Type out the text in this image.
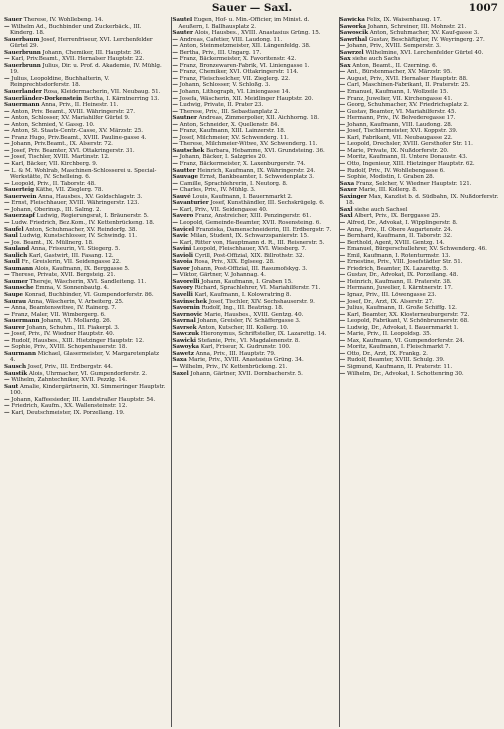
Sauer — Saxl.	1007

Sauer Therese, IV. Wohllebeng. 14.

— Wilhelm Ad., Buchbinder und Zuckerbäck., III. Kinderg. 18.

Sauerbaum Josef, Herrenfriseur, XVI. Lerchenfelder Gürtel 29.

Sauerbrunn Johann, Chemiker, III. Hauptstr. 36.

— Karl, Priv.Beamt., XVII. Hernalser Hauptstr. 22.

Sauerbrunn Julius, Dir. u. Prof. d. Akademie, IV. Mühlg. 19.

— Julius, Leopoldine, Buchhalterin, V. Reinprechtsdorferstr. 18.

Sauerlander Rosa, Kleidermacherin, VII. Neubaug. 51.

Sauerländer-Dorkenstein Bertha, I. Kärntnerring 13.

Sauermann Anna, Priv., II. Heinestr. 11.

— Anton, Priv. Beamt., XVIII. Währingerstr. 27.

— Anton, Schlosser, XV. Mariahilfer Gürtel 9.

— Anton, Schmied, V. Gassg. 10.

— Anton, St. Staats-Centr.-Casse, XV. Märzstr. 25.

— Franz Hugo, Priv.Beamt., XVIII. Pauline-gasse 4.

— Johann, Priv.Beamt., IX. Alserstr. 72.

— Josef, Priv. Beamter, XVI. Ottakringerstr. 31.

— Josef, Tischler, XVIII. Martinstr. 12.

— Karl, Bäcker, VII. Kirchberg. 9.

— L. & M. Wohlrab, Maschinen-Schlosserei u. Special-Werkstätte, IV. Schelleing. 6.

— Leopold, Priv., II. Taborstr. 48.

Sauerteig Käthe, VII. Zieglerg. 78.

Sauerwein Anna, Hausbes., XV. Goldschlagstr. 3.

— Ernst, Fleischhauer, XVIII. Währingerstr. 123.

— Johann, Oberinsp., III. Salmg. 2.

Sauerzapf Ludwig, Regierungsrat, I. Bräunerstr. 5.

— Ludw. Friedrich, Bez.Kom., IV. Kettenbrückeng. 18.

Saufel Anton, Schuhmacher, XV. Reindorfg. 38.

Saul Ludwig, Kunstschlosser, IV. Schwindg. 11.

— Jos. Beamt., IX. Müllnerg. 18.

Sauland Anna, Friseurin, VI. Stiegerg. 5.

Saulich Karl, Gastwirt, III. Fasang. 12.

Saull Fr., Greislerin, VII. Seidengasse 22.

Saumann Alois, Kaufmann, IX. Berggasse 5.

— Therese, Private, XVII. Bergsteig. 21.

Saumer Thereje, Wäscherin, XVI. Sandleiteng. 11.

Saunsche Emma, V. Sonnenbautg. 4.

Saupe Konrad, Buchbinder, VI. Gumpendorferstr. 86.

Saurau Anna, Wäscherin, V. Arbeiterg. 25.

— Anna, Beamtenswitwe, IV. Rainerg. 7.

— Franz, Maler, VII. Wimbergerg. 6.

Sauermann Johann, VI. Mollardg. 26.

Saurer Johann, Schuhm., III. Fiakerpl. 3.

— Josef, Priv., IV. Wiedner Hauptstr. 40.

— Rudolf, Hausbes., XIII. Hietzinger Hauptstr. 12.

— Sophie, Priv., XVIII. Schopenhauerstr. 18.

Saurmann Michael, Glasermeister, V. Margaretenplatz 4.

Sausch Josef, Priv., III. Erdbergstr. 44.

Saustik Alois, Uhrmacher, VI. Gumpendorferstr. 2.

— Wilhelm, Zahntechniker, XVII. Pezzlg. 14.

Saut Amalie, Kindergärtnerin, XI. Simmeringer Hauptstr. 100.

— Johann, Kaffeesieder, III. Landstraßer Hauptstr. 54.

— Friedrich, Kaufm., XX. Wallensteinstr. 12.

— Karl, Deutschmeister, IX. Porzellang. 19.

Sautel Eugen, Hof- u. Min.-Officier, im Minist. d. Aeußern, I. Ballhausplatz 2.

Sauter Alois, Hausbes., XVIII. Anastasius Grüng. 15.

— Andreas, Cafetier, VIII. Laudong. 11.

— Anton, Steinmetzmeister, XII. Längenfeldg. 38.

— Bertha, Priv., III. Ungarg. 17.

— Franz, Bäckermeister, X. Favoritenstr. 42.

— Franz, Bronzewaren-Fabrik, VI. Liniengasse 1.

— Franz, Chemiker, XVI. Ottakringerstr. 114.

— Franz, Fleischselcher, VII. Zieglerg. 22.

— Johann, Schlosser, V. Schloßg. 3.

— Johann, Lithograph, VI. Liniengasse 14.

— Josefa, Wäscherin, XII. Meidlinger Hauptstr. 20.

— Ludwig, Private, II. Prater 23.

— Therese, Priv., III. Sebastianplatz 2.

Sautner Andreas, Zimmerpolier, XII. Aichhorng. 18.

— Anton, Schneider, X. Quellenstr. 84.

— Franz, Kaufmann, XIII. Lainzerstr. 18.

— Josef, Milchmeier, XV. Schwenderg. 11.

— Therese, Milchmeier-Witwe, XV. Schwenderg. 11.

Sautschek Barbara, Hebamme, XVI. Grundsteing. 36.

— Johann, Bäcker, I. Salzgries 20.

— Franz, Bäckermeister, X. Laxenburgerstr. 74.

Sautter Heinrich, Kaufmann, IX. Währingerstr. 24.

Sauvage Ernst, Bankbeamter, I. Schwedenplatz 3.

— Camille, Sprachlehrerin, I. Neutorg. 8.

— Charles, Priv., IV. Mühlg. 3.

Sauvé Louis, Kaufmann, I. Bauernmarkt 2.

Savanturier Josef, Kunsthändler, III. Sechskrügelg. 6.

— Karl, Priv., VII. Seidengasse 40.

Savero Franz, Anstreicher, XIII. Penzingerstr. 61.

— Leopold, Gemeinde-Beamter, XVII. Rosensteing. 6.

Savicel Franziska, Damenschneiderin, III. Erdbergstr. 7.

Savic Milan, Student, IX. Schwarzspanierstr. 15.

— Karl, Ritter von, Hauptmann d. R., III. Reisnerstr. 5.

Savini Leopold, Fleischhauer, XVI. Wiesberg. 7.

Savioli Cyrill, Post-Offizial, XIX. Billrothstr. 32.

Savoia Rosa, Priv., XIX. Eglseeg. 28.

Savor Johann, Post-Offizial, III. Rasumofskyg. 3.

— Viktor, Gärtner, V. Johannag. 4.

Savorelli Johann, Kaufmann, I. Graben 15.

Savory Richard, Sprachlehrer, VI. Mariahilferstr. 71.

Savelli Karl, Kaufmann, I. Kolowratring 8.

Savinschek Josef, Tischler, XIV. Sechshauserstr. 9.

Savornin Rudolf, Ing., III. Beatrixg. 18.

Savrnovic Marie, Hausbes., XVIII. Gentzg. 40.

Savrnal Johann, Greisler, IV. Schäffergasse 3.

Savrsek Anton, Kutscher, III. Kollerg. 10.

Sawczuk Hieronymus, Schriftsteller, IX. Lazarettg. 14.

Sawicki Stefanie, Priv., VI. Magdalenenstr. 8.

Sawoyka Karl, Friseur, X. Gudrunstr. 100.

Sawetz Anna, Priv., III. Hauptstr. 79.

Saxa Marie, Priv., XVIII. Anastasius Grüng. 34.

— Wilhelm, Priv., IV. Kettenbrückeng. 21.

Saxel Johann, Gärtner, XVII. Dornbacherstr. 5.

Sawicka Felix, IX. Waisenhausg. 17.

Saworka Johann, Schreiner, III. Mohnstr. 21.

Sawoscik Anton, Schuhmacher, XV. Kauf-gasse 3.

Sawrthal Gustav, Beschäftigter, IV. Weyringerg. 27.

— Johann, Priv., XVIII. Semperstr. 3.

Sawrzel Wilhelmine, XVI. Lerchenfelder Gürtel 40.

Sax siehe auch Sachs

Sax Anton, Beamt., II. Czerning. 6.

— Ant., Bürstenmacher, XV. Märzstr. 95.

— August, Priv., XVII. Hernalser Hauptstr. 88.

— Carl, Maschinen-Fabrikant, II. Praterstr. 25.

— Emanuel, Kaufmann, I. Wollzeile 15.

— Franz, Juwelier, VII. Kirchengasse 41.

— Georg, Schuhmacher, XV. Friedrichsplatz 2.

— Gustav, Beamter, VI. Mariahilferstr. 45.

— Hermann, Priv., IV. Belvederegasse 17.

— Johann, Kaufmann, VIII. Laudong. 28.

— Josef, Tischlermeister, XVI. Koppstr. 39.

— Karl, Fabrikant, VII. Neubaugasse 22.

— Leopold, Drechsler, XVIII. Gersthofer Str. 11.

— Marie, Private, IX. Nußdorferstr. 20.

— Moritz, Kaufmann, II. Untere Donaustr. 43.

— Otto, Ingenieur, XIII. Hietzinger Hauptstr. 62.

— Rudolf, Priv., IV. Wohllebengasse 6.

— Sophie, Modistin, I. Graben 28.

Saxa Franz, Selcher, V. Wiedner Hauptstr. 121.

Saxer Marie, III. Kollerg. 8.

Saxinger Max, Kanzlist b. d. Südbahn, IX. Nußdorferstr. 18.

Saxl siehe auch Sachsel

Saxl Albert, Priv., IX. Berggasse 25.

— Alfred, Dr., Advokat, I. Wipplingerstr. 8.

— Anna, Priv., II. Obere Augartenstr. 24.

— Bernhard, Kaufmann, II. Taborstr. 32.

— Berthold, Agent, XVIII. Gentzg. 14.

— Emanuel, Bürgerschullehrer, XV. Schwenderg. 46.

— Emil, Kaufmann, I. Rotenturmstr. 13.

— Ernestine, Priv., VIII. Josefstädter Str. 51.

— Friedrich, Beamter, IX. Lazarettg. 5.

— Gustav, Dr., Advokat, IX. Porzellang. 48.

— Heinrich, Kaufmann, II. Praterstr. 38.

— Hermann, Juwelier, I. Kärntnerstr. 17.

— Ignaz, Priv., III. Löwengasse 23.

— Josef, Dr., Arzt, IX. Alserstr. 27.

— Julius, Kaufmann, II. Große Schiffg. 12.

— Karl, Beamter, XX. Klosterneuburgerstr. 72.

— Leopold, Fabrikant, V. Schönbrunnerstr. 68.

— Ludwig, Dr., Advokat, I. Bauernmarkt 1.

— Marie, Priv., II. Leopoldsg. 35.

— Max, Kaufmann, VI. Gumpendorferstr. 24.

— Moritz, Kaufmann, I. Fleischmarkt 7.

— Otto, Dr., Arzt, IX. Frankg. 2.

— Rudolf, Beamter, XVIII. Schulg. 39.

— Sigmund, Kaufmann, II. Praterstr. 11.

— Wilhelm, Dr., Advokat, I. Schottenring 30.
